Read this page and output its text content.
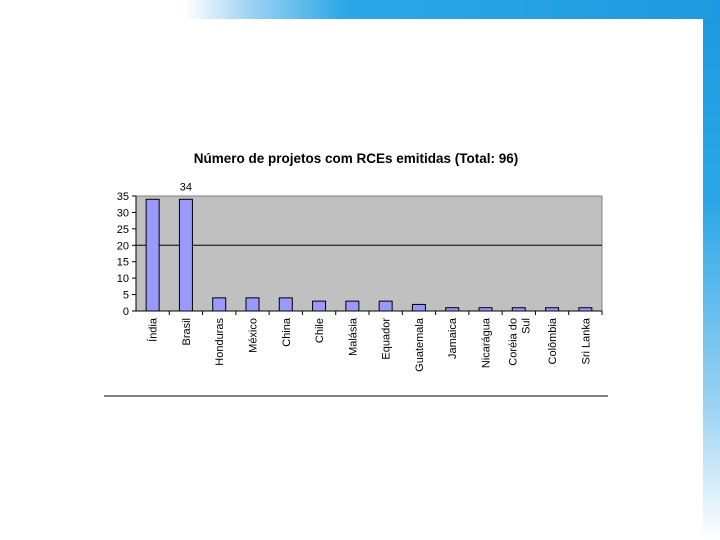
Número de projetos com RCEs emitidas (Total: 96)
0
5
10
15
20
25
30
35
Índia Brasil Honduras México China Chile Malásia Equador Guatemala Jamaica Nicarágua Coréia do Sul Colômbia Sri Lanka
34
